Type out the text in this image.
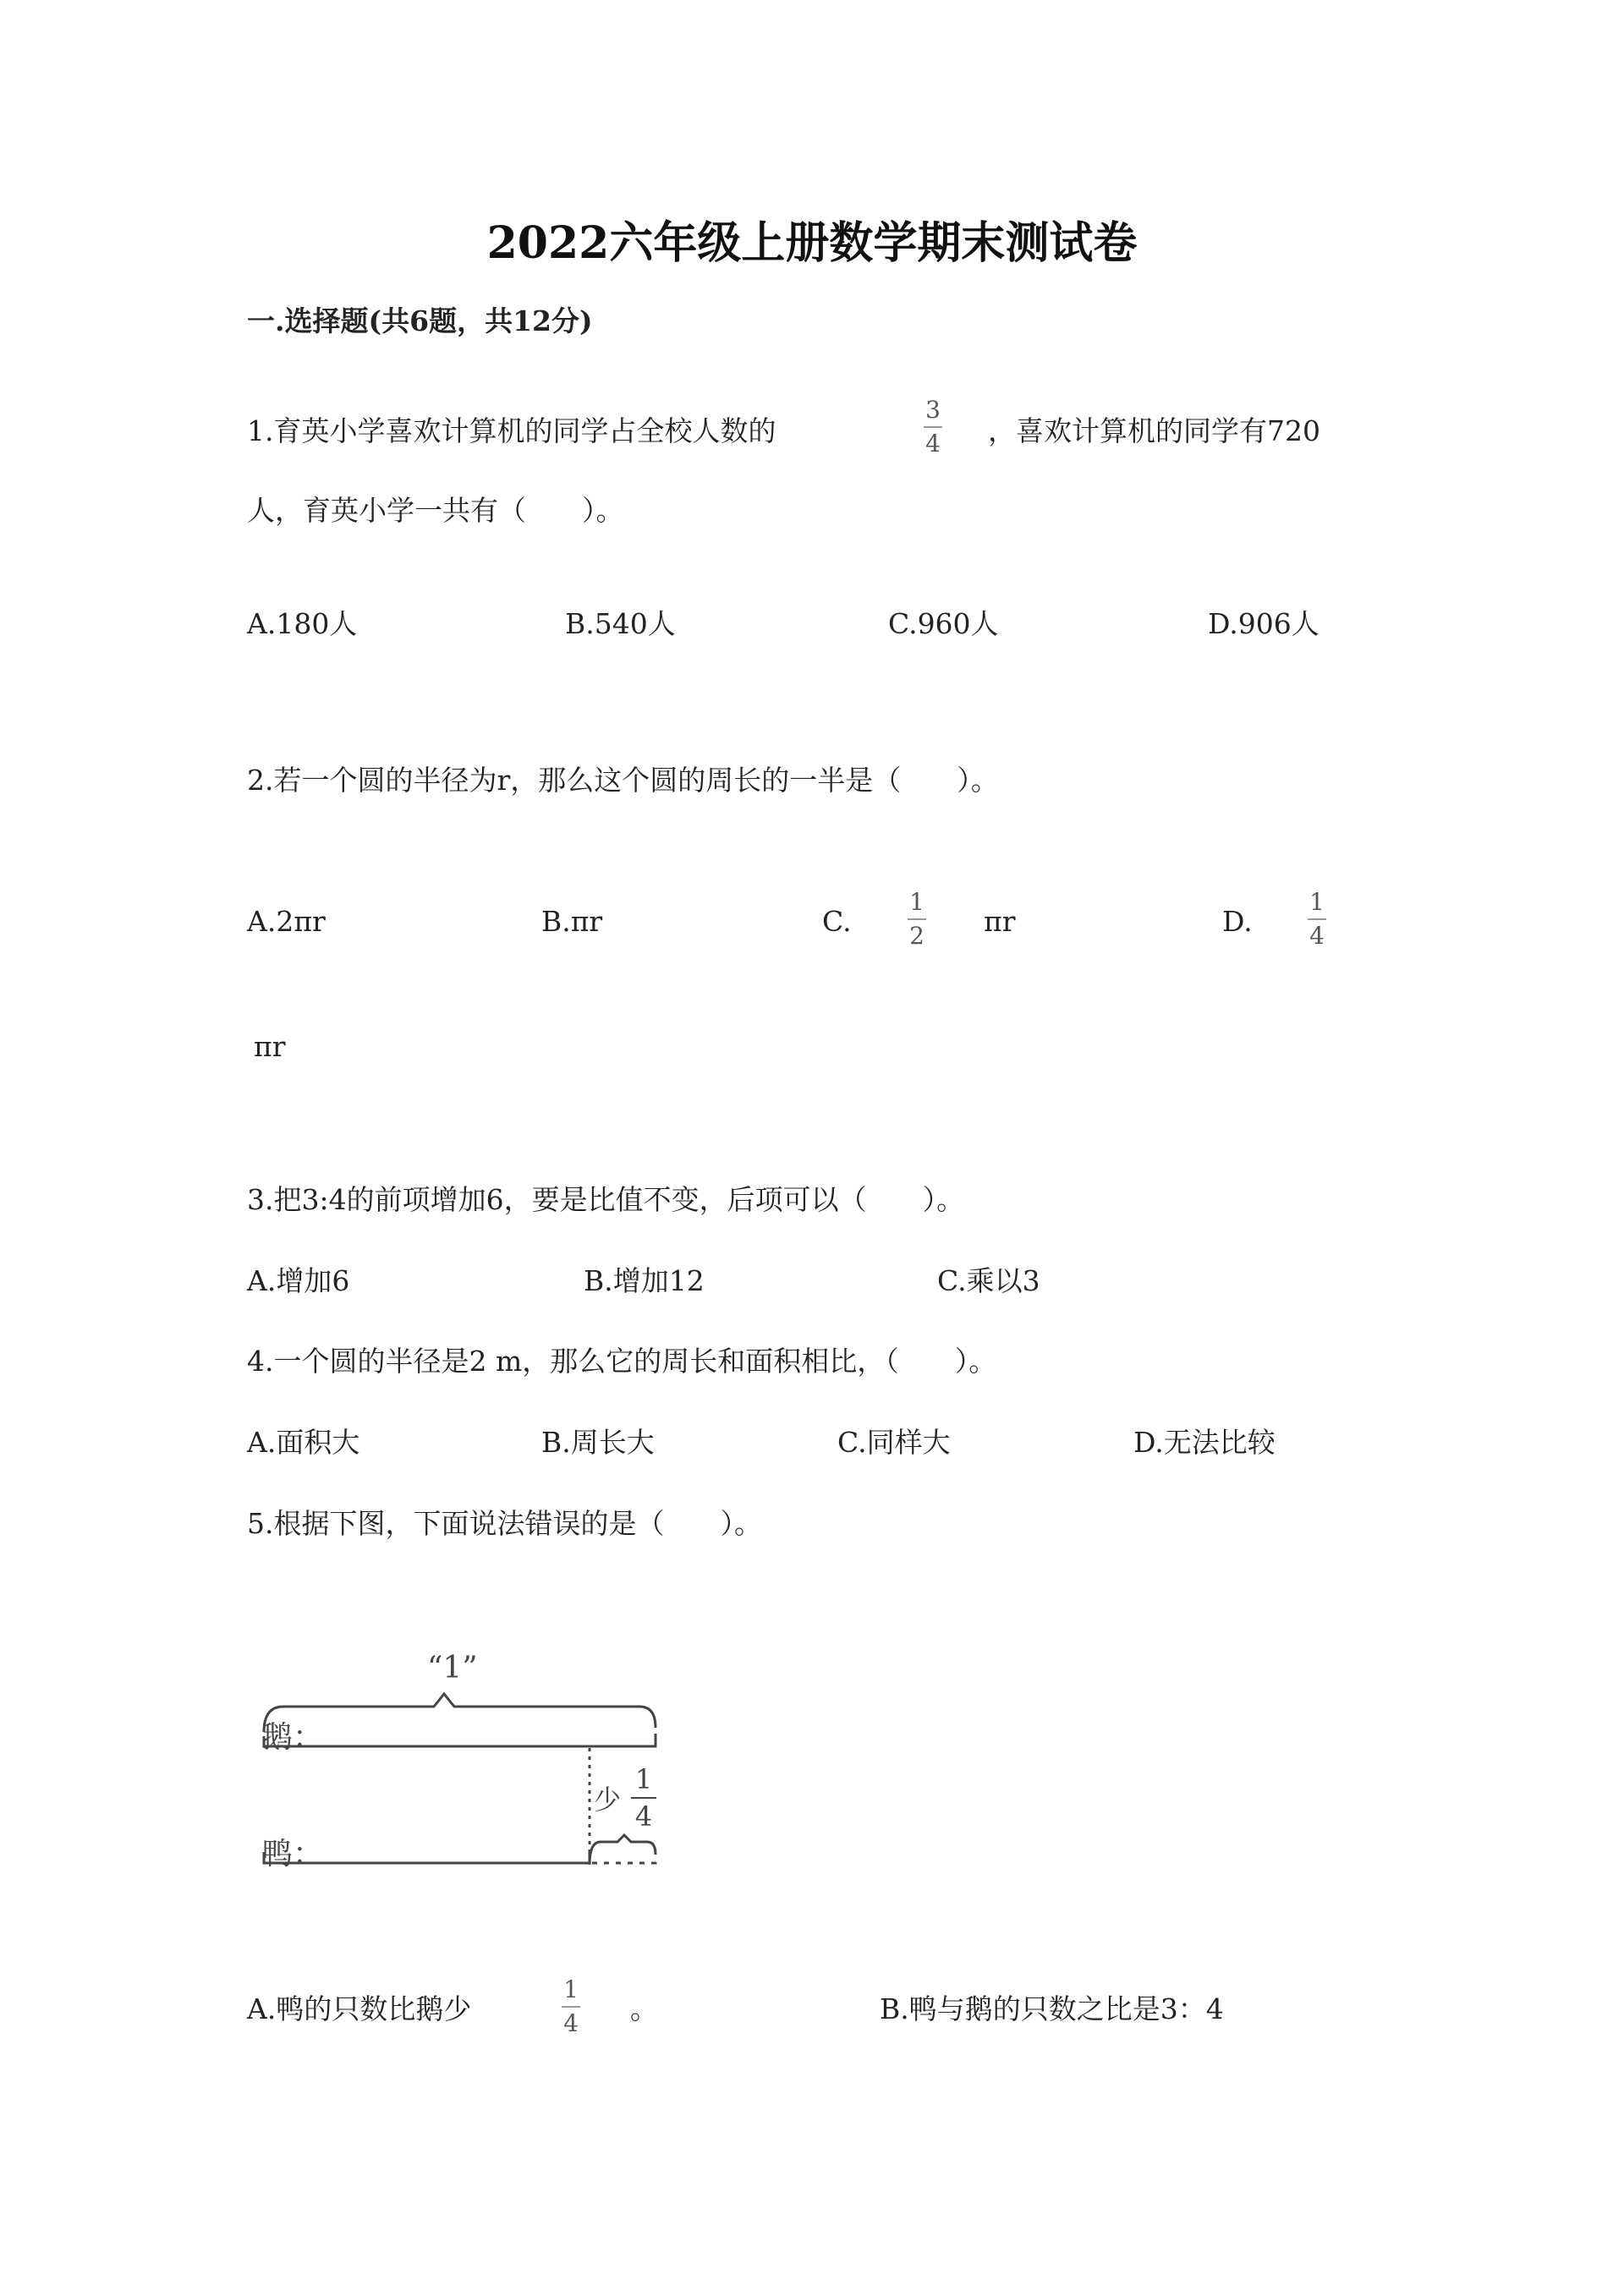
2022六年级上册数学期末测试卷
一.选择题(共6题，共12分)
1.育英小学喜欢计算机的同学占全校人数的
3
4 ，喜欢计算机的同学有720
人，育英小学一共有（　　）。
A.180人	B.540人	C.960人	D.906人
2.若一个圆的半径为r，那么这个圆的周长的一半是（　　）。
A.2πr	B.πr	C.
1
2 πr	D.
1
4
πr
3.把3:4的前项增加6，要是比值不变，后项可以（　　）。
A.增加6	B.增加12	C.乘以3
4.一个圆的半径是2 m，那么它的周长和面积相比，（　　）。
A.面积大	B.周长大	C.同样大	D.无法比较
5.根据下图，下面说法错误的是（　　）。
鹅：
鸭：
“1”
少
1
4
A.鸭的只数比鹅少
1
4 。	B.鸭与鹅的只数之比是3：4
